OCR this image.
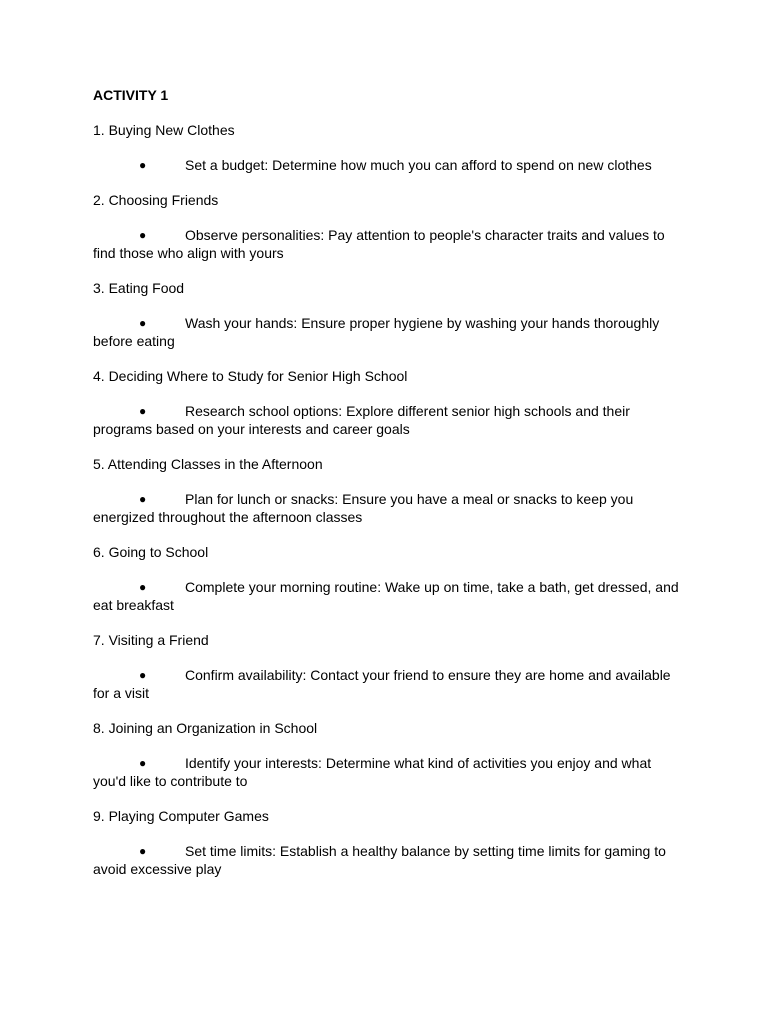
ACTIVITY 1
1. Buying New Clothes
●	Set a budget: Determine how much you can afford to spend on new clothes
2. Choosing Friends
●	Observe personalities: Pay attention to people's character traits and values to find those who align with yours
3. Eating Food
●	Wash your hands: Ensure proper hygiene by washing your hands thoroughly before eating
4. Deciding Where to Study for Senior High School
●	Research school options: Explore different senior high schools and their programs based on your interests and career goals
5. Attending Classes in the Afternoon
●	Plan for lunch or snacks: Ensure you have a meal or snacks to keep you energized throughout the afternoon classes
6. Going to School
●	Complete your morning routine: Wake up on time, take a bath, get dressed, and eat breakfast
7. Visiting a Friend
●	Confirm availability: Contact your friend to ensure they are home and available for a visit
8. Joining an Organization in School
●	Identify your interests: Determine what kind of activities you enjoy and what you'd like to contribute to
9. Playing Computer Games
●	Set time limits: Establish a healthy balance by setting time limits for gaming to avoid excessive play
